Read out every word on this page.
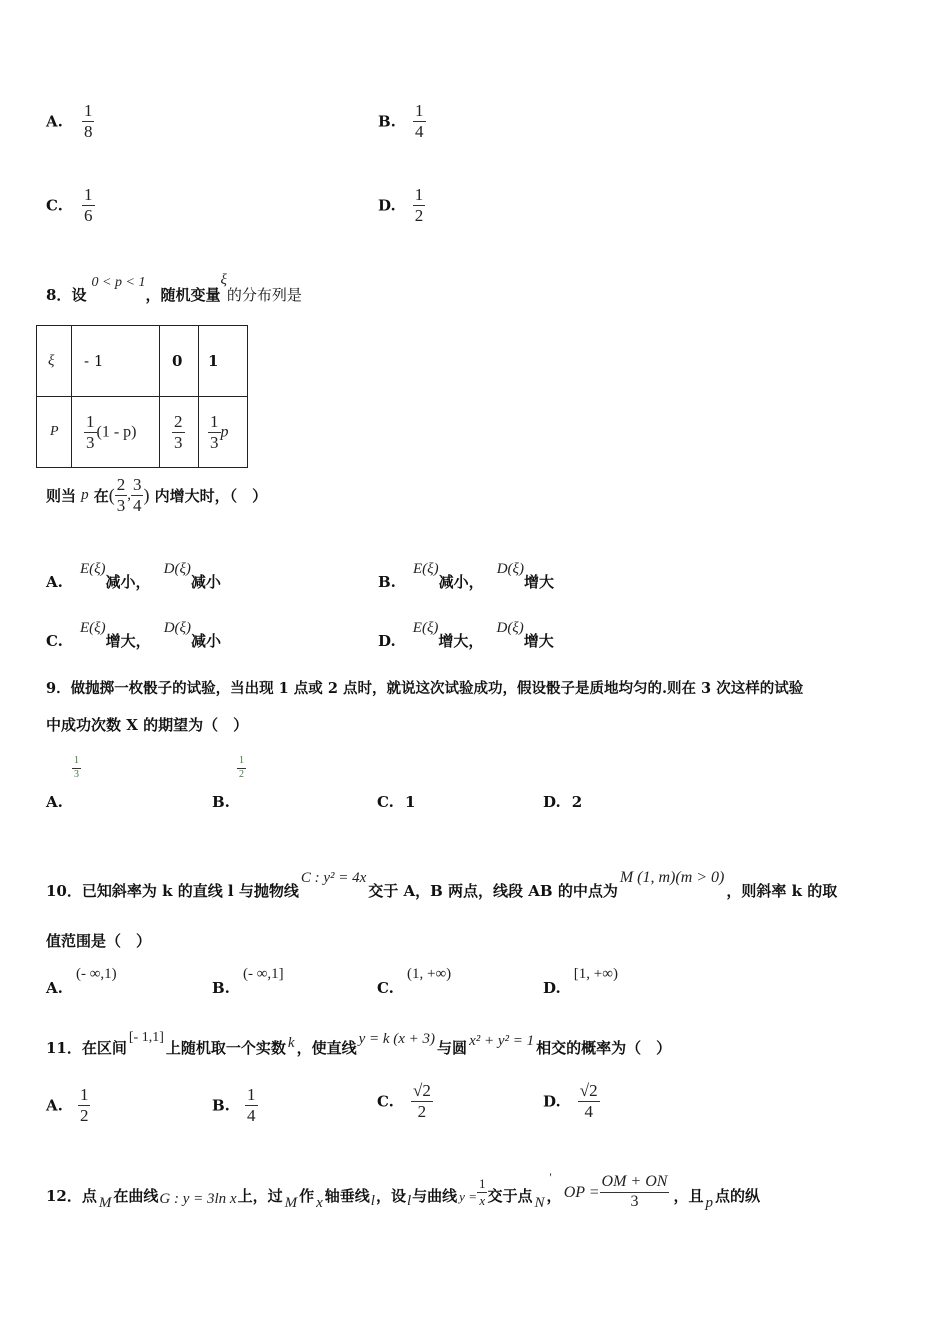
A. $\frac{1}{8}$	B. $\frac{1}{4}$
C. $\frac{1}{6}$	D. $\frac{1}{2}$
8．设 0 < p < 1，随机变量ξ的分布列是
ξ	- 1	0	1
P	$\frac{1}{3} (1 - p)$	$\frac{2}{3}$	$\frac{1}{3}$ p
则当 p 在( $\frac{2}{3}$ , $\frac{3}{4}$ ) 内增大时，（　）
A. E(ξ)减小， D(ξ)减小	B. E(ξ)减小， D(ξ)增大
C. E(ξ)增大， D(ξ)减小	D. E(ξ)增大， D(ξ)增大
9．做抛掷一枚骰子的试验，当出现 1 点或 2 点时，就说这次试验成功，假设骰子是质地均匀的.则在 3 次这样的试验
中成功次数 X 的期望为（　）
$\frac{1}{3}$
A.
$\frac{1}{2}$
B.	C. 1	D. 2
10．已知斜率为 k 的直线 l 与抛物线C : y² = 4x交于 A，B 两点，线段 AB 的中点为M (1, m)(m > 0)，则斜率 k 的取
值范围是（　）
A. (- ∞,1)
B. (- ∞,1]
C. (1, +∞)
D. [1, +∞)
11．在区间[- 1,1]上随机取一个实数 k ，使直线 y = k (x + 3) 与圆 x² + y² = 1 相交的概率为（　）
A. $\frac{1}{2}$	B. $\frac{1}{4}$	C. $\frac{√2}{2}$	D. $\frac{√2}{4}$
12．点 M 在曲线G : y = 3ln x上，过 M 作 x 轴垂线l，设l与曲线 $_{y =} \frac{1}{x}$ 交于点 N ，'OP = $\frac{OM + ON}{3}$ ，且 p 点的纵
